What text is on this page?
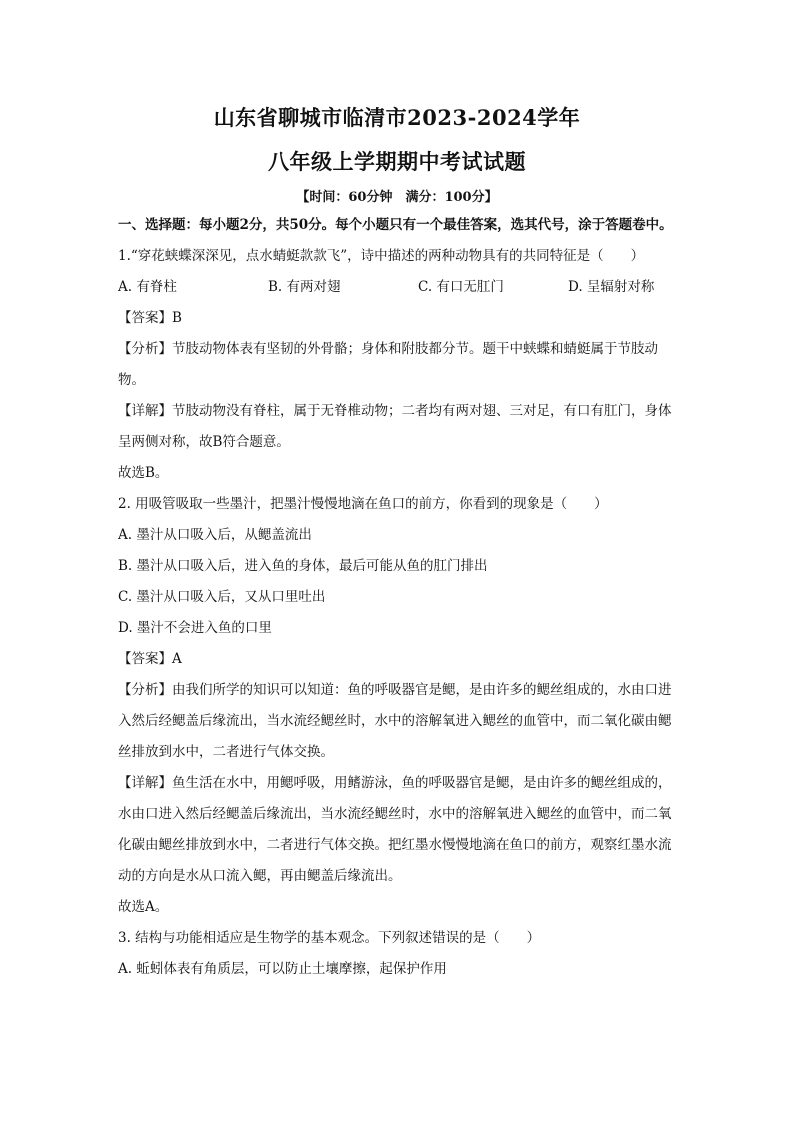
山东省聊城市临清市2023-2024学年
八年级上学期期中考试试题
【时间：60分钟　满分：100分】

一、选择题：每小题2分，共50分。每个小题只有一个最佳答案，选其代号，涂于答题卷中。

1.“穿花蛱蝶深深见，点水蜻蜓款款飞”，诗中描述的两种动物具有的共同特征是（　　）

A. 有脊柱	B. 有两对翅	C. 有口无肛门	D. 呈辐射对称

【答案】B

【分析】节肢动物体表有坚韧的外骨骼；身体和附肢都分节。题干中蛱蝶和蜻蜓属于节肢动物。

【详解】节肢动物没有脊柱，属于无脊椎动物；二者均有两对翅、三对足，有口有肛门，身体呈两侧对称，故B符合题意。

故选B。

2. 用吸管吸取一些墨汁，把墨汁慢慢地滴在鱼口的前方，你看到的现象是（　　）

A. 墨汁从口吸入后，从鳃盖流出

B. 墨汁从口吸入后，进入鱼的身体，最后可能从鱼的肛门排出

C. 墨汁从口吸入后，又从口里吐出

D. 墨汁不会进入鱼的口里

【答案】A

【分析】由我们所学的知识可以知道：鱼的呼吸器官是鳃，是由许多的鳃丝组成的，水由口进入然后经鳃盖后缘流出，当水流经鳃丝时，水中的溶解氧进入鳃丝的血管中，而二氧化碳由鳃丝排放到水中，二者进行气体交换。

【详解】鱼生活在水中，用鳃呼吸，用鳍游泳，鱼的呼吸器官是鳃，是由许多的鳃丝组成的，水由口进入然后经鳃盖后缘流出，当水流经鳃丝时，水中的溶解氧进入鳃丝的血管中，而二氧化碳由鳃丝排放到水中，二者进行气体交换。把红墨水慢慢地滴在鱼口的前方，观察红墨水流动的方向是水从口流入鳃，再由鳃盖后缘流出。

故选A。

3. 结构与功能相适应是生物学的基本观念。下列叙述错误的是（　　）

A. 蚯蚓体表有角质层，可以防止土壤摩擦，起保护作用
